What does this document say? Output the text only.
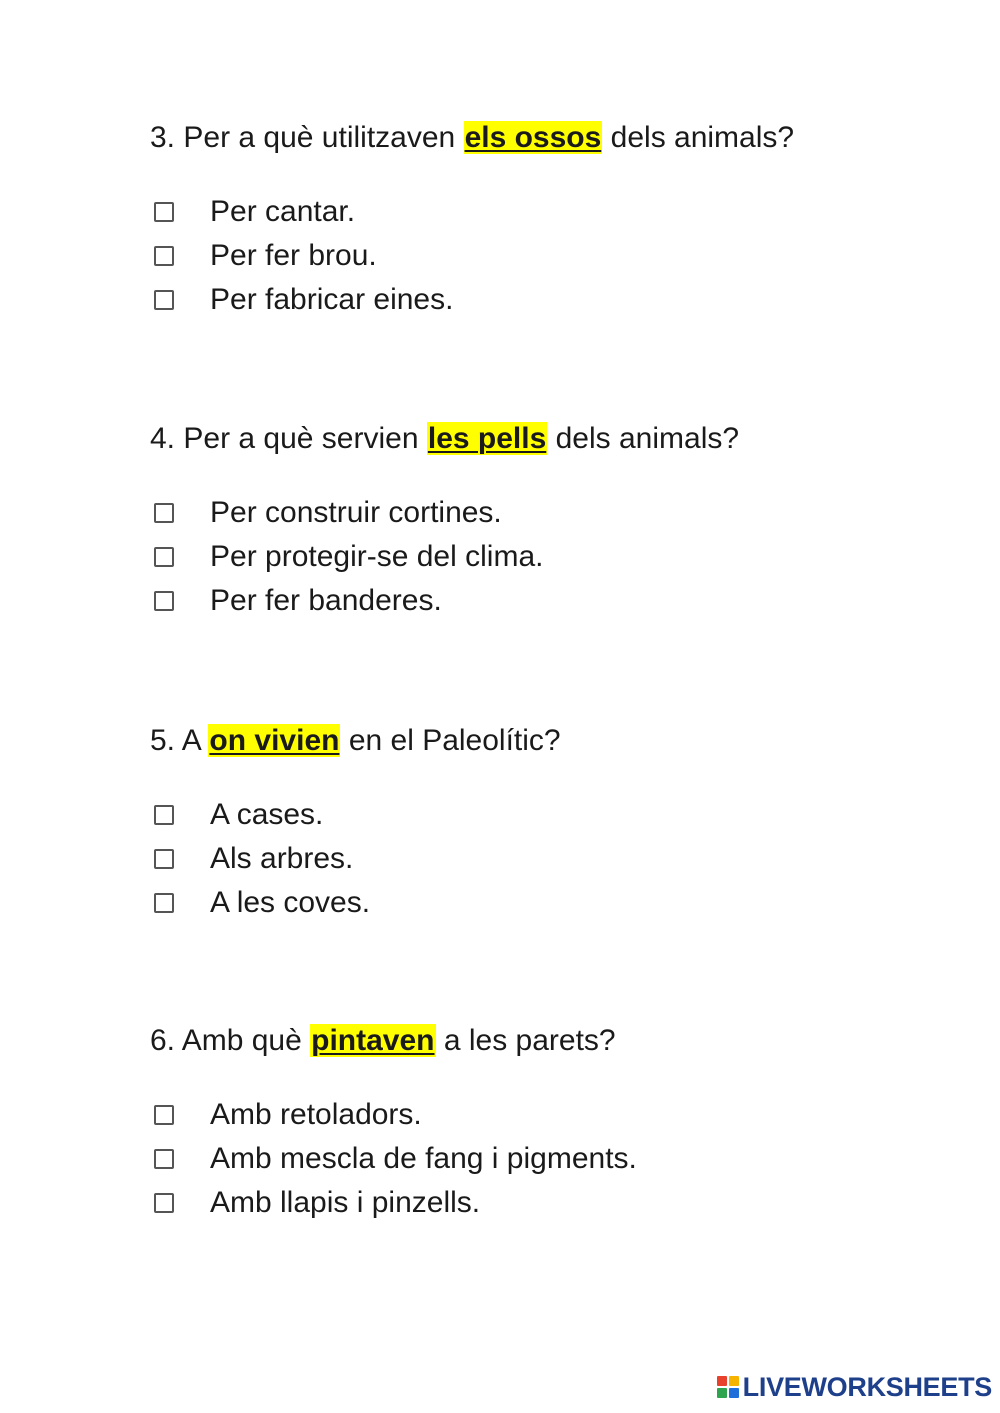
3. Per a què utilitzaven els ossos dels animals?
Per cantar.
Per fer brou.
Per fabricar eines.
4. Per a què servien les pells dels animals?
Per construir cortines.
Per protegir-se del clima.
Per fer banderes.
5. A on vivien en el Paleolític?
A cases.
Als arbres.
A les coves.
6. Amb què pintaven a les parets?
Amb retoladors.
Amb mescla de fang i pigments.
Amb llapis i pinzells.
LIVEWORKSHEETS
